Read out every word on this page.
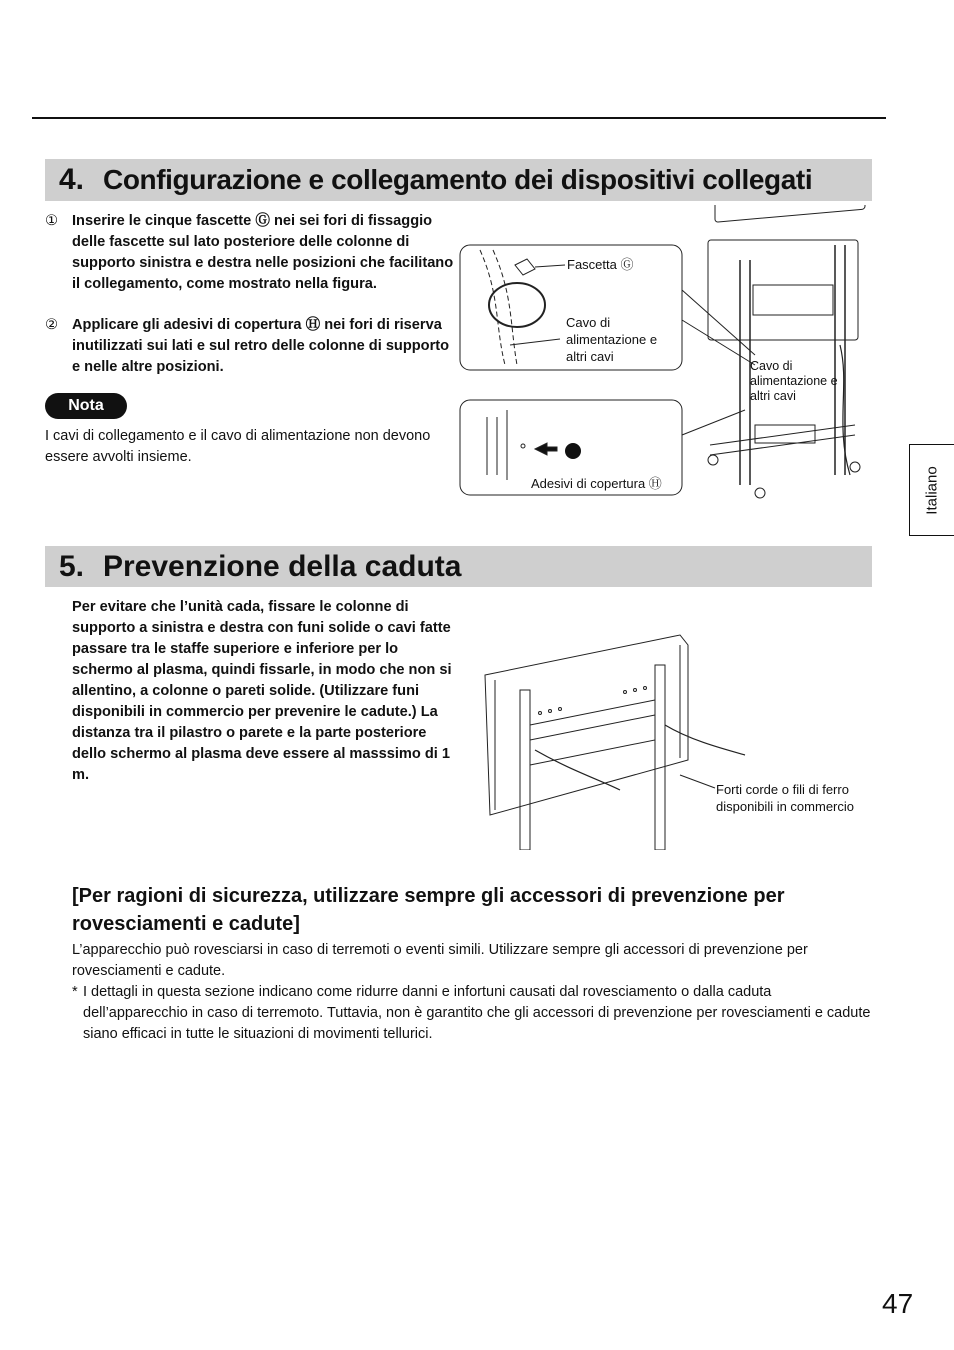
4. Configurazione e collegamento dei dispositivi collegati
① Inserire le cinque fascette Ⓖ nei sei fori di fissaggio delle fascette sul lato posteriore delle colonne di supporto sinistra e destra nelle posizioni che facilitano il collegamento, come mostrato nella figura.
② Applicare gli adesivi di copertura Ⓗ nei fori di riserva inutilizzati sui lati e sul retro delle colonne di supporto e nelle altre posizioni.
Nota
I cavi di collegamento e il cavo di alimentazione non devono essere avvolti insieme.
Fascetta Ⓖ
Cavo di alimentazione e altri cavi
Cavo di alimentazione e altri cavi
Adesivi di copertura Ⓗ	Italiano
5. Prevenzione della caduta
Per evitare che l’unità cada, fissare le colonne di supporto a sinistra e destra con funi solide o cavi fatte passare tra le staffe superiore e inferiore per lo schermo al plasma, quindi fissarle, in modo che non si allentino, a colonne o pareti solide. (Utilizzare funi disponibili in commercio per prevenire le cadute.) La distanza tra il pilastro o parete e la parte posteriore dello schermo al plasma deve essere al masssimo di 1 m.
Forti corde o fili di ferro disponibili in commercio
[Per ragioni di sicurezza, utilizzare sempre gli accessori di prevenzione per rovesciamenti e cadute]
L’apparecchio può rovesciarsi in caso di terremoti o eventi simili. Utilizzare sempre gli accessori di prevenzione per rovesciamenti e cadute.
* I dettagli in questa sezione indicano come ridurre danni e infortuni causati dal rovesciamento o dalla caduta dell’apparecchio in caso di terremoto. Tuttavia, non è garantito che gli accessori di prevenzione per rovesciamenti e cadute siano efficaci in tutte le situazioni di movimenti tellurici.
47
